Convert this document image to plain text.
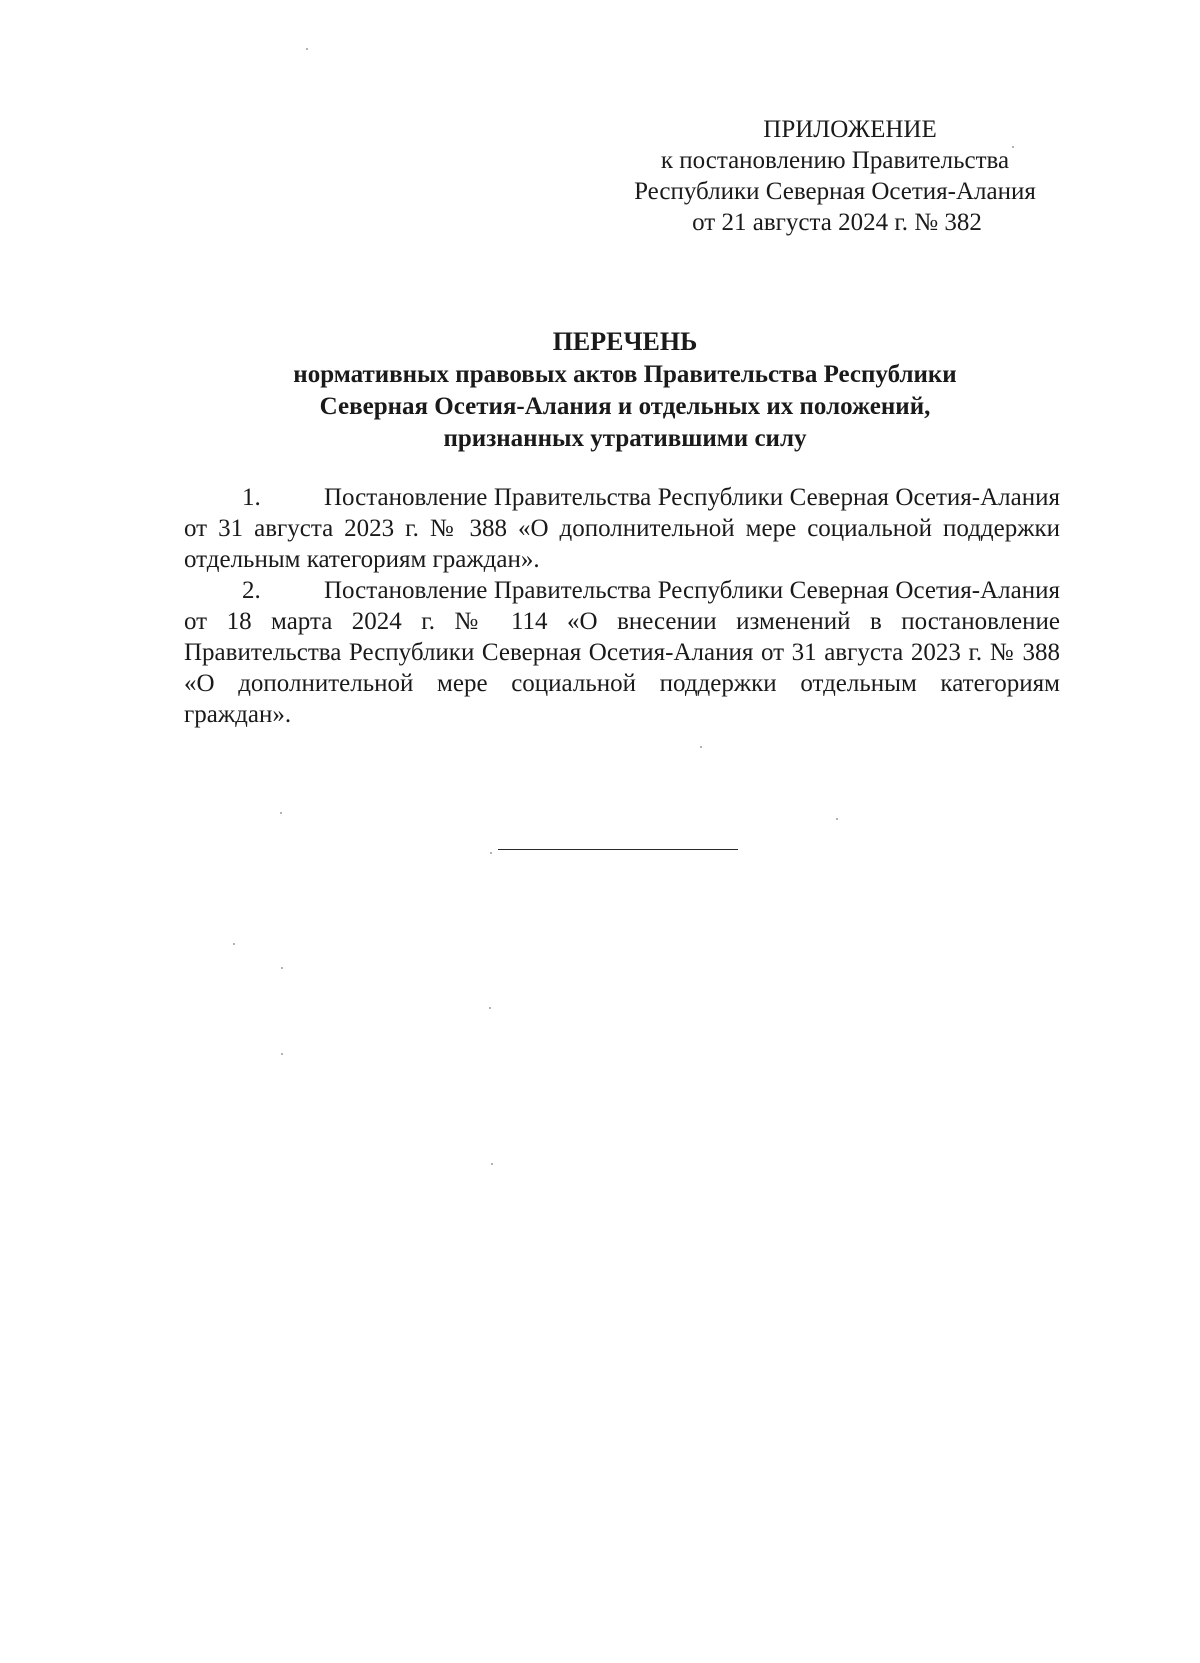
ПРИЛОЖЕНИЕ
к постановлению Правительства
Республики Северная Осетия-Алания
от 21 августа 2024 г. № 382
ПЕРЕЧЕНЬ
нормативных правовых актов Правительства Республики
Северная Осетия-Алания и отдельных их положений,
признанных утратившими силу

1.	Постановление Правительства Республики Северная Осетия-Алания от 31 августа 2023 г. № 388 «О дополнительной мере социальной поддержки отдельным категориям граждан».

2.	Постановление Правительства Республики Северная Осетия-Алания от 18 марта 2024 г. № 114 «О внесении изменений в постановление Правительства Республики Северная Осетия-Алания от 31 августа 2023 г. № 388 «О дополнительной мере социальной поддержки отдельным категориям граждан».
